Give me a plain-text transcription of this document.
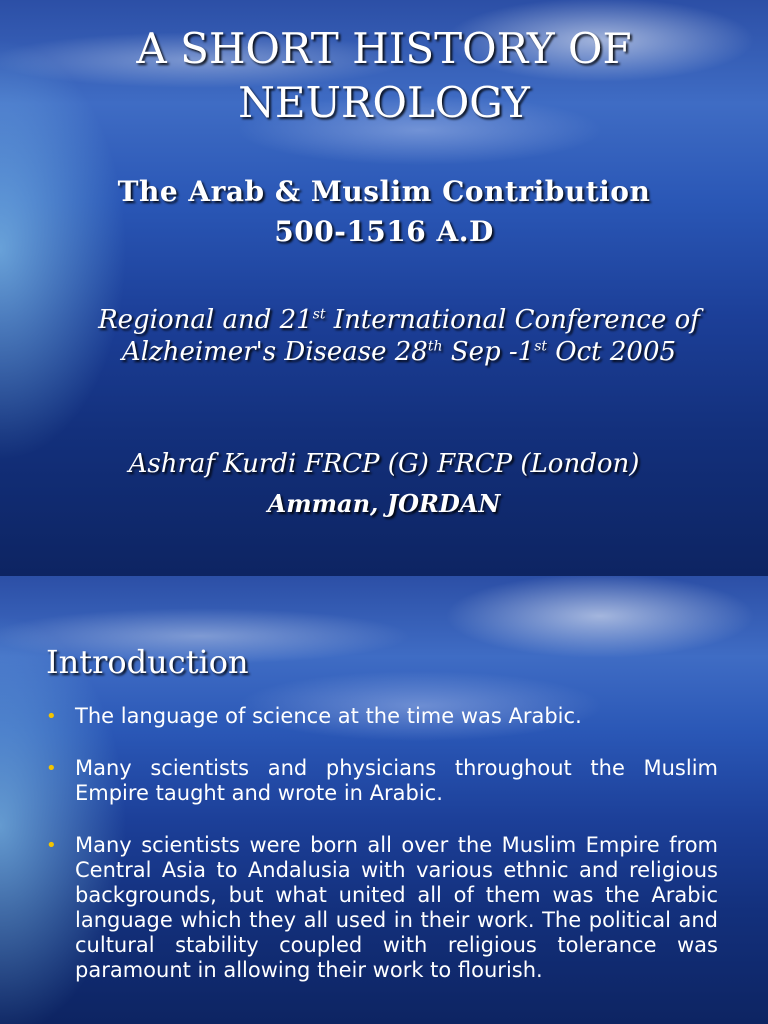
A SHORT HISTORY OF NEUROLOGY
The Arab & Muslim Contribution
500-1516 A.D
Regional and 21st International Conference of Alzheimer's Disease 28th Sep -1st Oct 2005
Ashraf Kurdi FRCP (G) FRCP (London)
Amman, JORDAN
Introduction
• The language of science at the time was Arabic.
• Many scientists and physicians throughout the Muslim Empire taught and wrote in Arabic.
• Many scientists were born all over the Muslim Empire from Central Asia to Andalusia with various ethnic and religious backgrounds, but what united all of them was the Arabic language which they all used in their work. The political and cultural stability coupled with religious tolerance was paramount in allowing their work to flourish.
